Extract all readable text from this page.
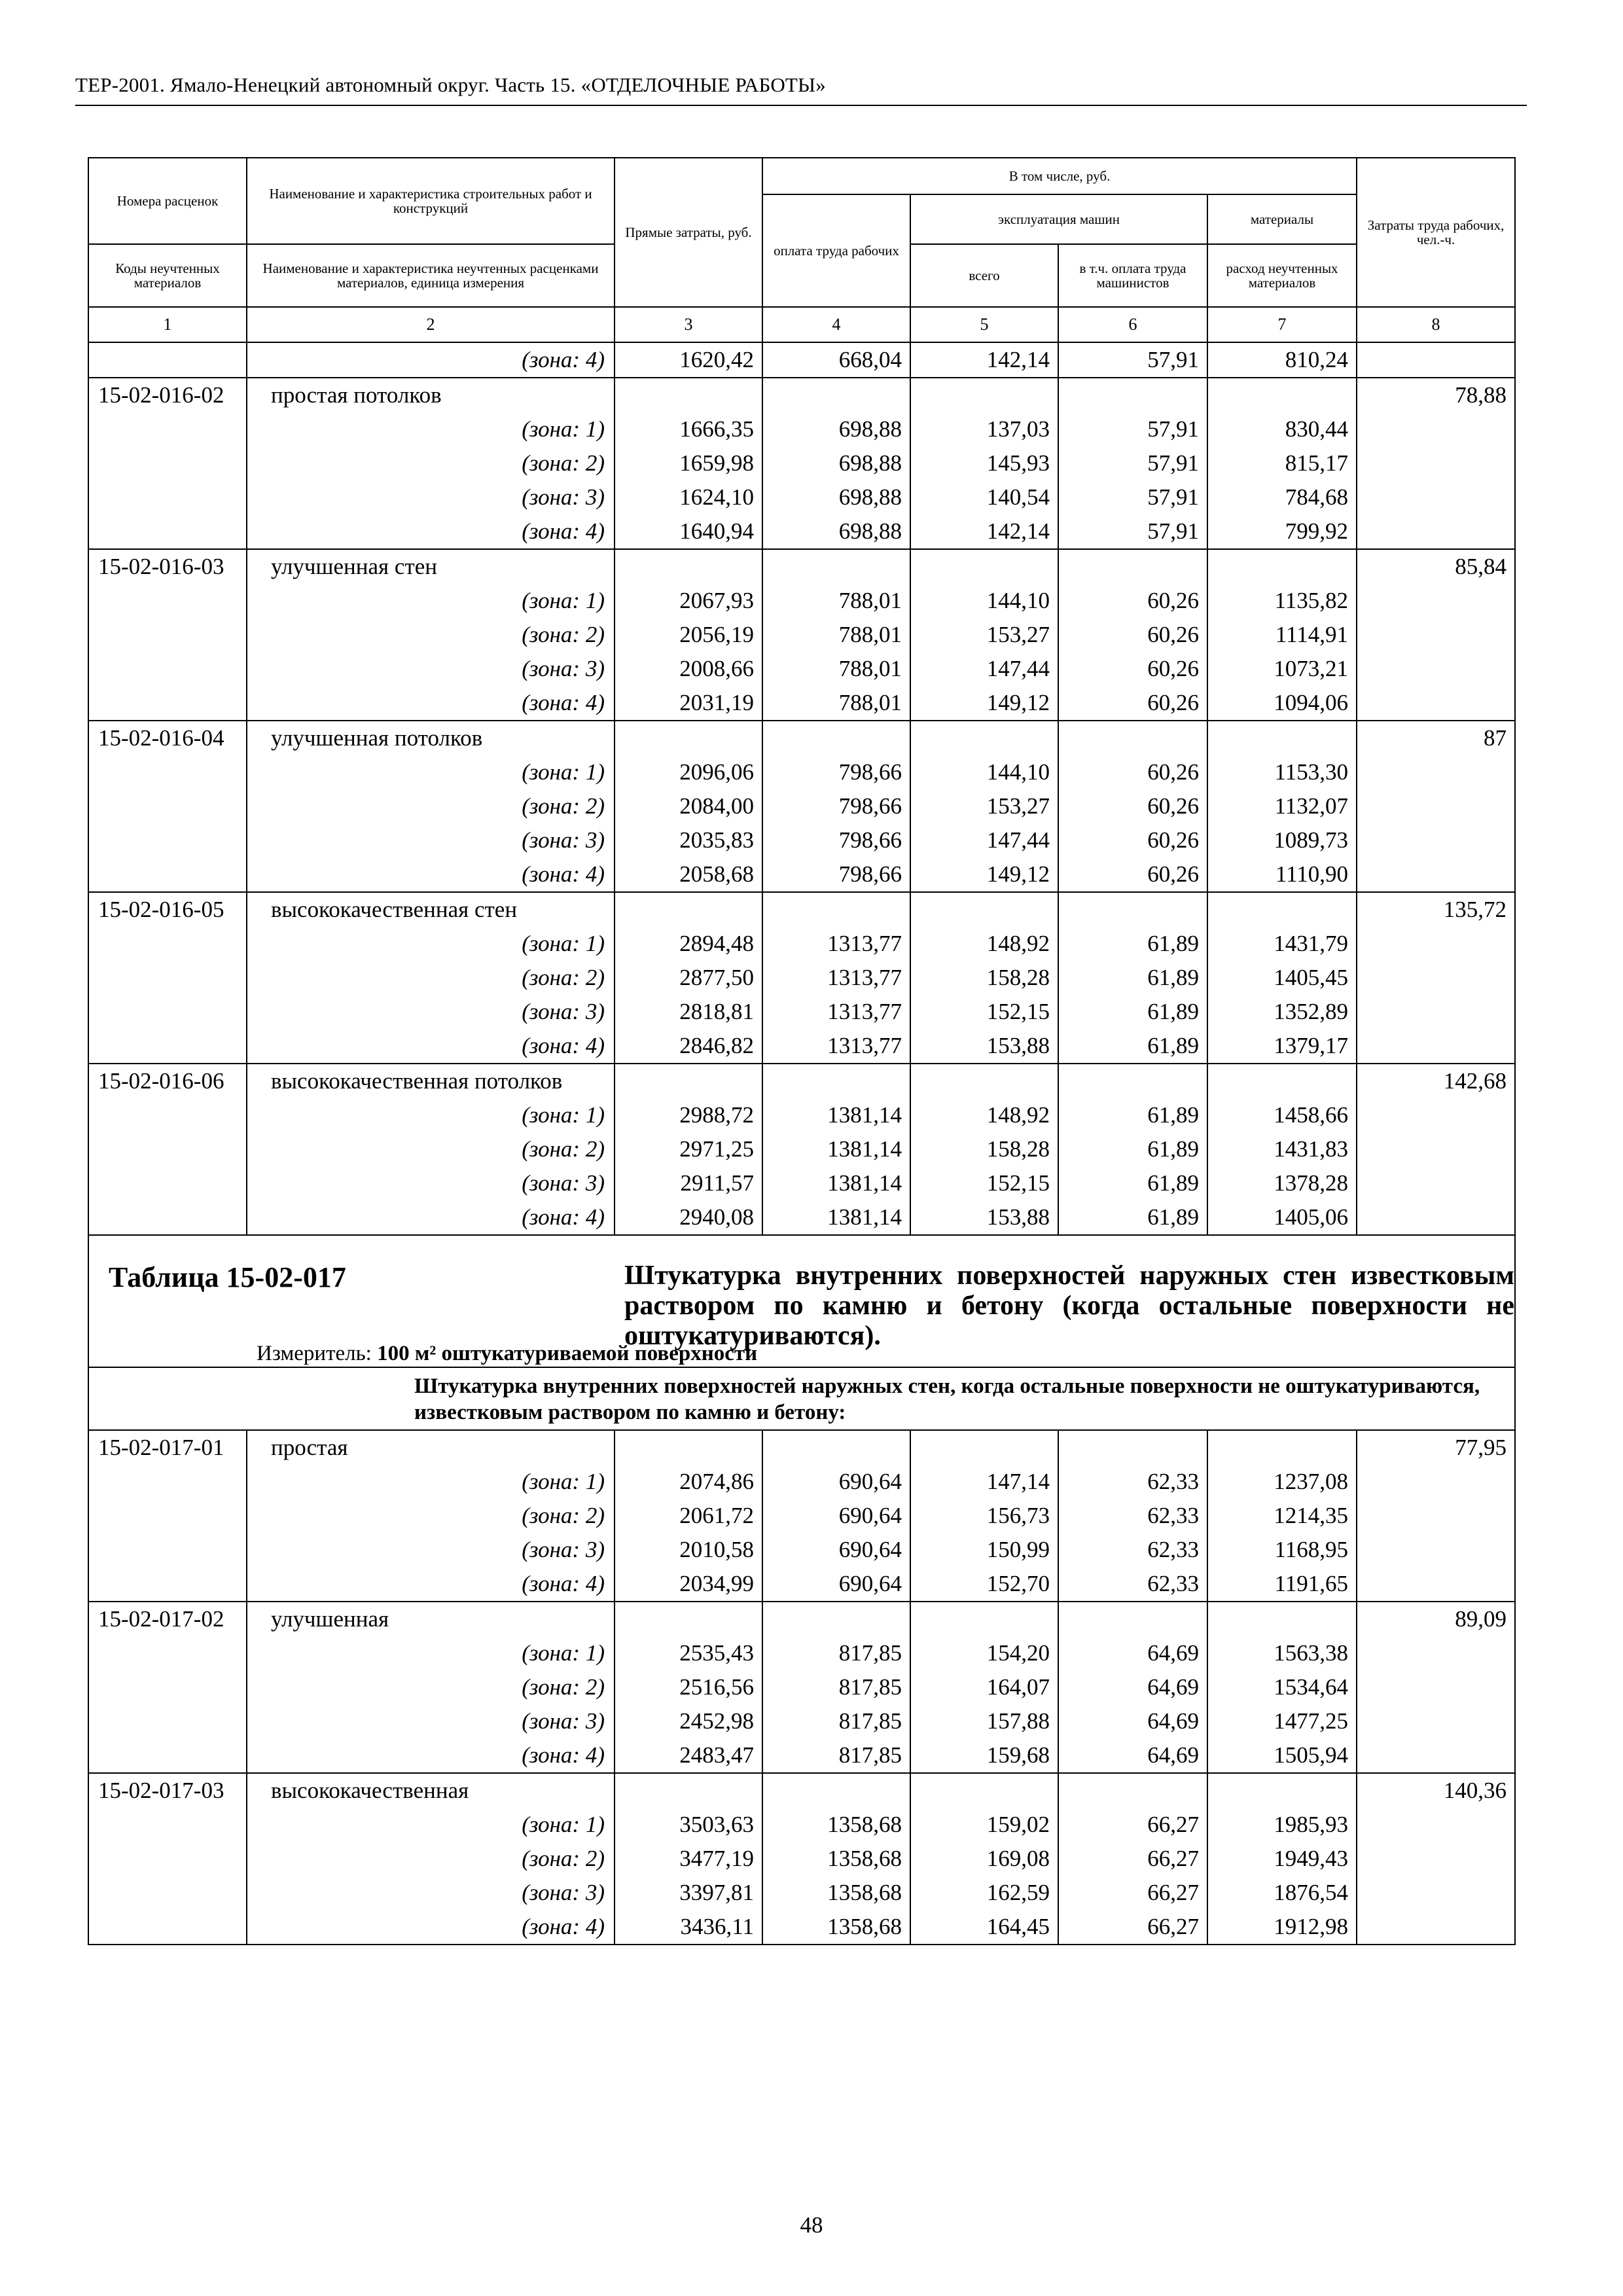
ТЕР-2001. Ямало-Ненецкий автономный округ. Часть 15. «ОТДЕЛОЧНЫЕ РАБОТЫ»
Номера расценок	Наименование и характеристика строительных работ и конструкций	Прямые затраты, руб.	В том числе, руб.				Затраты труда рабочих, чел.-ч.
			оплата труда рабочих	эксплуатация машин		материалы	
Коды неучтенных материалов	Наименование и характеристика неучтенных расценками материалов, единица измерения			всего	в т.ч. оплата труда машинистов	расход неучтенных материалов	
1	2	3	4	5	6	7	8
	(зона: 4)	1620,42	668,04	142,14	57,91	810,24	
15-02-016-02	простая потолков						78,88
	(зона: 1)	1666,35	698,88	137,03	57,91	830,44	
	(зона: 2)	1659,98	698,88	145,93	57,91	815,17	
	(зона: 3)	1624,10	698,88	140,54	57,91	784,68	
	(зона: 4)	1640,94	698,88	142,14	57,91	799,92	
15-02-016-03	улучшенная стен						85,84
	(зона: 1)	2067,93	788,01	144,10	60,26	1135,82	
	(зона: 2)	2056,19	788,01	153,27	60,26	1114,91	
	(зона: 3)	2008,66	788,01	147,44	60,26	1073,21	
	(зона: 4)	2031,19	788,01	149,12	60,26	1094,06	
15-02-016-04	улучшенная потолков						87
	(зона: 1)	2096,06	798,66	144,10	60,26	1153,30	
	(зона: 2)	2084,00	798,66	153,27	60,26	1132,07	
	(зона: 3)	2035,83	798,66	147,44	60,26	1089,73	
	(зона: 4)	2058,68	798,66	149,12	60,26	1110,90	
15-02-016-05	высококачественная стен						135,72
	(зона: 1)	2894,48	1313,77	148,92	61,89	1431,79	
	(зона: 2)	2877,50	1313,77	158,28	61,89	1405,45	
	(зона: 3)	2818,81	1313,77	152,15	61,89	1352,89	
	(зона: 4)	2846,82	1313,77	153,88	61,89	1379,17	
15-02-016-06	высококачественная потолков						142,68
	(зона: 1)	2988,72	1381,14	148,92	61,89	1458,66	
	(зона: 2)	2971,25	1381,14	158,28	61,89	1431,83	
	(зона: 3)	2911,57	1381,14	152,15	61,89	1378,28	
	(зона: 4)	2940,08	1381,14	153,88	61,89	1405,06	

Таблица 15-02-017 Штукатурка внутренних поверхностей наружных стен известковым раствором по камню и бетону (когда остальные поверхности не оштукатуриваются).
Измеритель: 100 м² оштукатуриваемой поверхности							

	Штукатурка внутренних поверхностей наружных стен, когда остальные поверхности не оштукатуриваются, известковым раствором по камню и бетону:						

15-02-017-01	простая						77,95
	(зона: 1)	2074,86	690,64	147,14	62,33	1237,08	
	(зона: 2)	2061,72	690,64	156,73	62,33	1214,35	
	(зона: 3)	2010,58	690,64	150,99	62,33	1168,95	
	(зона: 4)	2034,99	690,64	152,70	62,33	1191,65	
15-02-017-02	улучшенная						89,09
	(зона: 1)	2535,43	817,85	154,20	64,69	1563,38	
	(зона: 2)	2516,56	817,85	164,07	64,69	1534,64	
	(зона: 3)	2452,98	817,85	157,88	64,69	1477,25	
	(зона: 4)	2483,47	817,85	159,68	64,69	1505,94	
15-02-017-03	высококачественная						140,36
	(зона: 1)	3503,63	1358,68	159,02	66,27	1985,93	
	(зона: 2)	3477,19	1358,68	169,08	66,27	1949,43	
	(зона: 3)	3397,81	1358,68	162,59	66,27	1876,54	
	(зона: 4)	3436,11	1358,68	164,45	66,27	1912,98	
48
